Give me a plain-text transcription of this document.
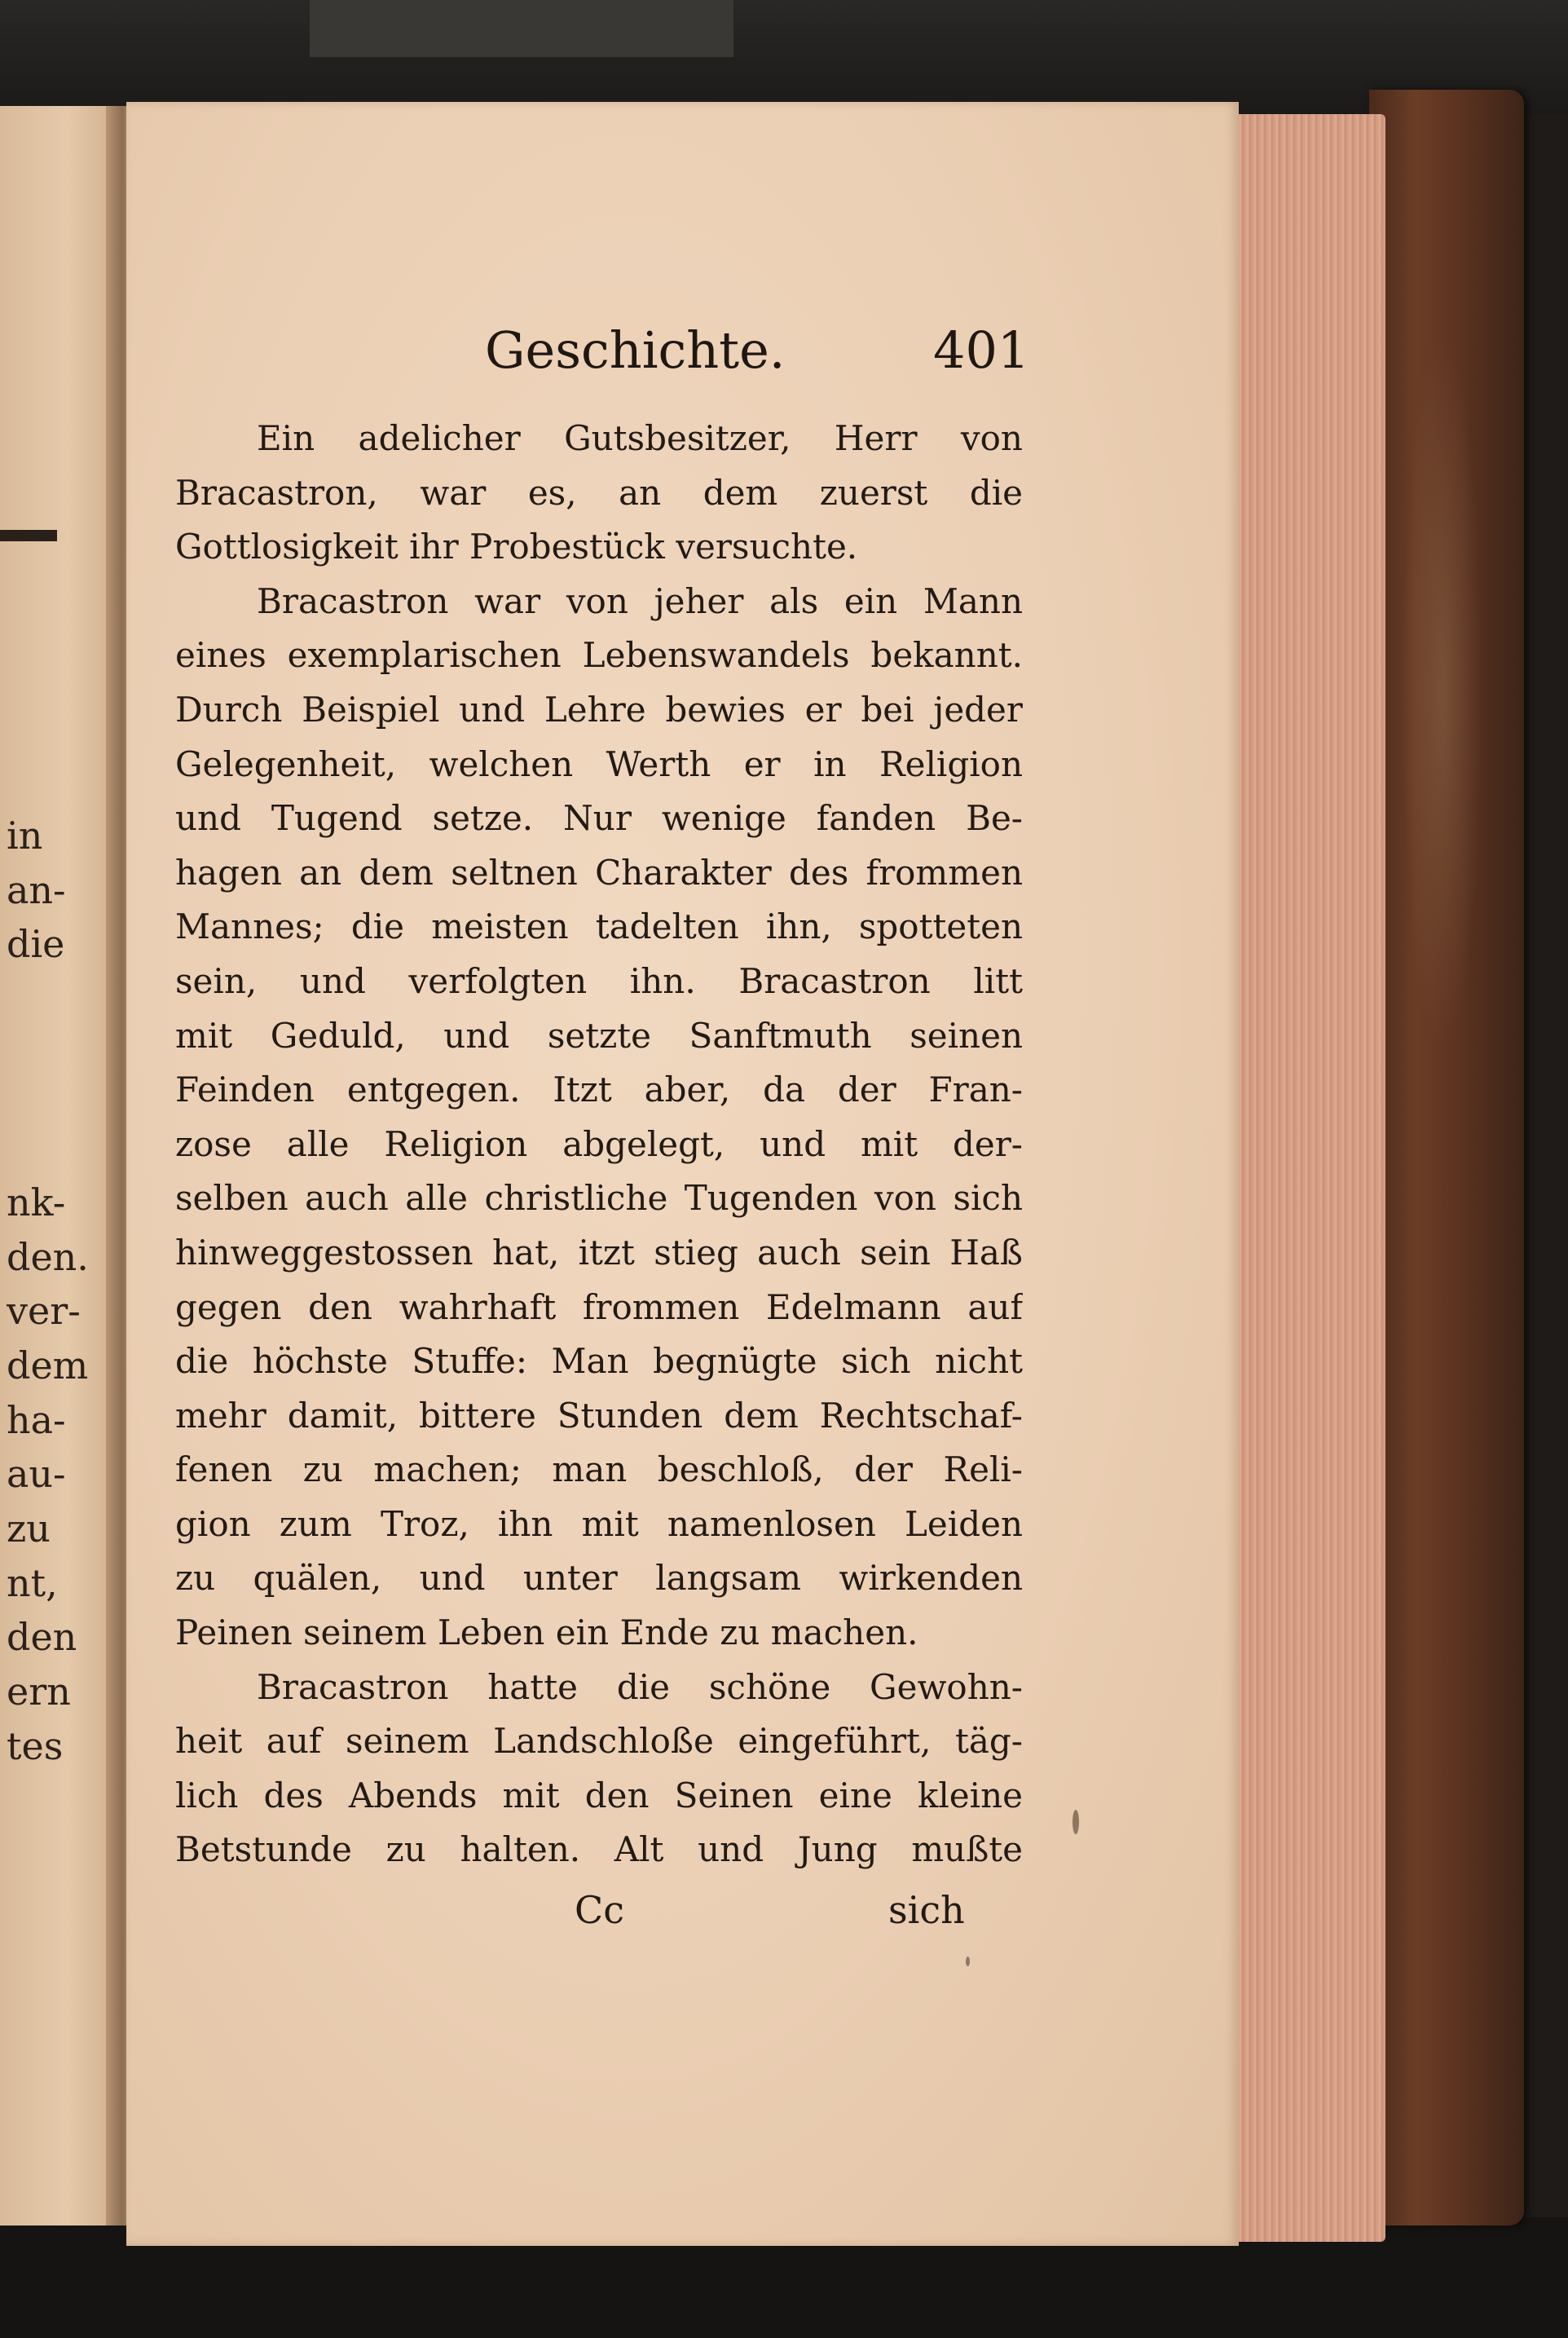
in
an-
die
nk-
den.
ver-
dem
ha-
au-
zu
nt,
den
ern
tes
Geschichte.	401
Ein adelicher Gutsbesitzer, Herr von
Bracastron, war es, an dem zuerst die
Gottlosigkeit ihr Probestück versuchte.
Bracastron war von jeher als ein Mann
eines exemplarischen Lebenswandels bekannt.
Durch Beispiel und Lehre bewies er bei jeder
Gelegenheit, welchen Werth er in Religion
und Tugend setze. Nur wenige fanden Be-
hagen an dem seltnen Charakter des frommen
Mannes; die meisten tadelten ihn, spotteten
sein, und verfolgten ihn. Bracastron litt
mit Geduld, und setzte Sanftmuth seinen
Feinden entgegen. Itzt aber, da der Fran-
zose alle Religion abgelegt, und mit der-
selben auch alle christliche Tugenden von sich
hinweggestossen hat, itzt stieg auch sein Haß
gegen den wahrhaft frommen Edelmann auf
die höchste Stuffe: Man begnügte sich nicht
mehr damit, bittere Stunden dem Rechtschaf-
fenen zu machen; man beschloß, der Reli-
gion zum Troz, ihn mit namenlosen Leiden
zu quälen, und unter langsam wirkenden
Peinen seinem Leben ein Ende zu machen.
Bracastron hatte die schöne Gewohn-
heit auf seinem Landschloße eingeführt, täg-
lich des Abends mit den Seinen eine kleine
Betstunde zu halten. Alt und Jung mußte
Cc	sich
